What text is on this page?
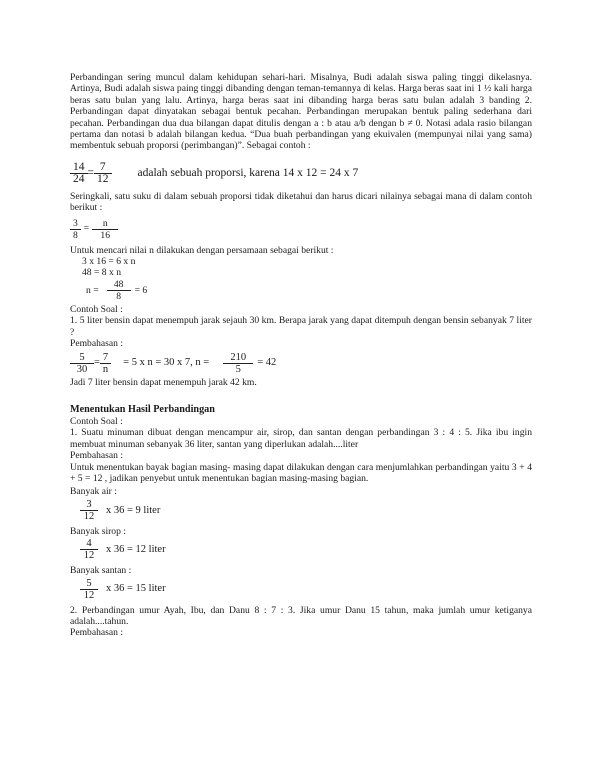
Perbandingan sering muncul dalam kehidupan sehari-hari. Misalnya, Budi adalah siswa paling tinggi dikelasnya. Artinya, Budi adalah siswa paing tinggi dibanding dengan teman-temannya di kelas. Harga beras saat ini 1 ½ kali harga beras satu bulan yang lalu. Artinya, harga beras saat ini dibanding harga beras satu bulan adalah 3 banding 2. Perbandingan dapat dinyatakan sebagai bentuk pecahan. Perbandingan merupakan bentuk paling sederhana dari pecahan. Perbandingan dua dua bilangan dapat ditulis dengan a : b atau a/b dengan b ≠ 0. Notasi adala rasio bilangan pertama dan notasi b adalah bilangan kedua. “Dua buah perbandingan yang ekuivalen (mempunyai nilai yang sama) membentuk sebuah proporsi (perimbangan)”. Sebagai contoh :

$\frac{14}{24} = \frac{7}{12}$ adalah sebuah proporsi, karena 14 x 12 = 24 x 7

Seringkali, satu suku di dalam sebuah proporsi tidak diketahui dan harus dicari nilainya sebagai mana di dalam contoh berikut :

$\frac{3}{8} = \frac{n}{16}$

Untuk mencari nilai n dilakukan dengan persamaan sebagai berikut :

3 x 16 = 6 x n

48 = 8 x n

$n = \frac{48}{8} = 6$

Contoh Soal :

1. 5 liter bensin dapat menempuh jarak sejauh 30 km. Berapa jarak yang dapat ditempuh dengan bensin sebanyak 7 liter ?

Pembahasan :

$\frac{5}{30} = \frac{7}{n} = 5$ x n = 30 x 7, $n = \frac{210}{5} = 42$

Jadi 7 liter bensin dapat menempuh jarak 42 km.

Menentukan Hasil Perbandingan

Contoh Soal :

1. Suatu minuman dibuat dengan mencampur air, sirop, dan santan dengan perbandingan 3 : 4 : 5. Jika ibu ingin membuat minuman sebanyak 36 liter, santan yang diperlukan adalah....liter

Pembahasan :

Untuk menentukan bayak bagian masing- masing dapat dilakukan dengan cara menjumlahkan perbandingan yaitu 3 + 4 + 5 = 12 , jadikan penyebut untuk menentukan bagian masing-masing bagian.

Banyak air :

$\frac{3}{12}$ x 36 = 9 liter

Banyak sirop :

$\frac{4}{12}$ x 36 = 12 liter

Banyak santan :

$\frac{5}{12}$ x 36 = 15 liter

2. Perbandingan umur Ayah, Ibu, dan Danu 8 : 7 : 3. Jika umur Danu 15 tahun, maka jumlah umur ketiganya adalah....tahun.

Pembahasan :
